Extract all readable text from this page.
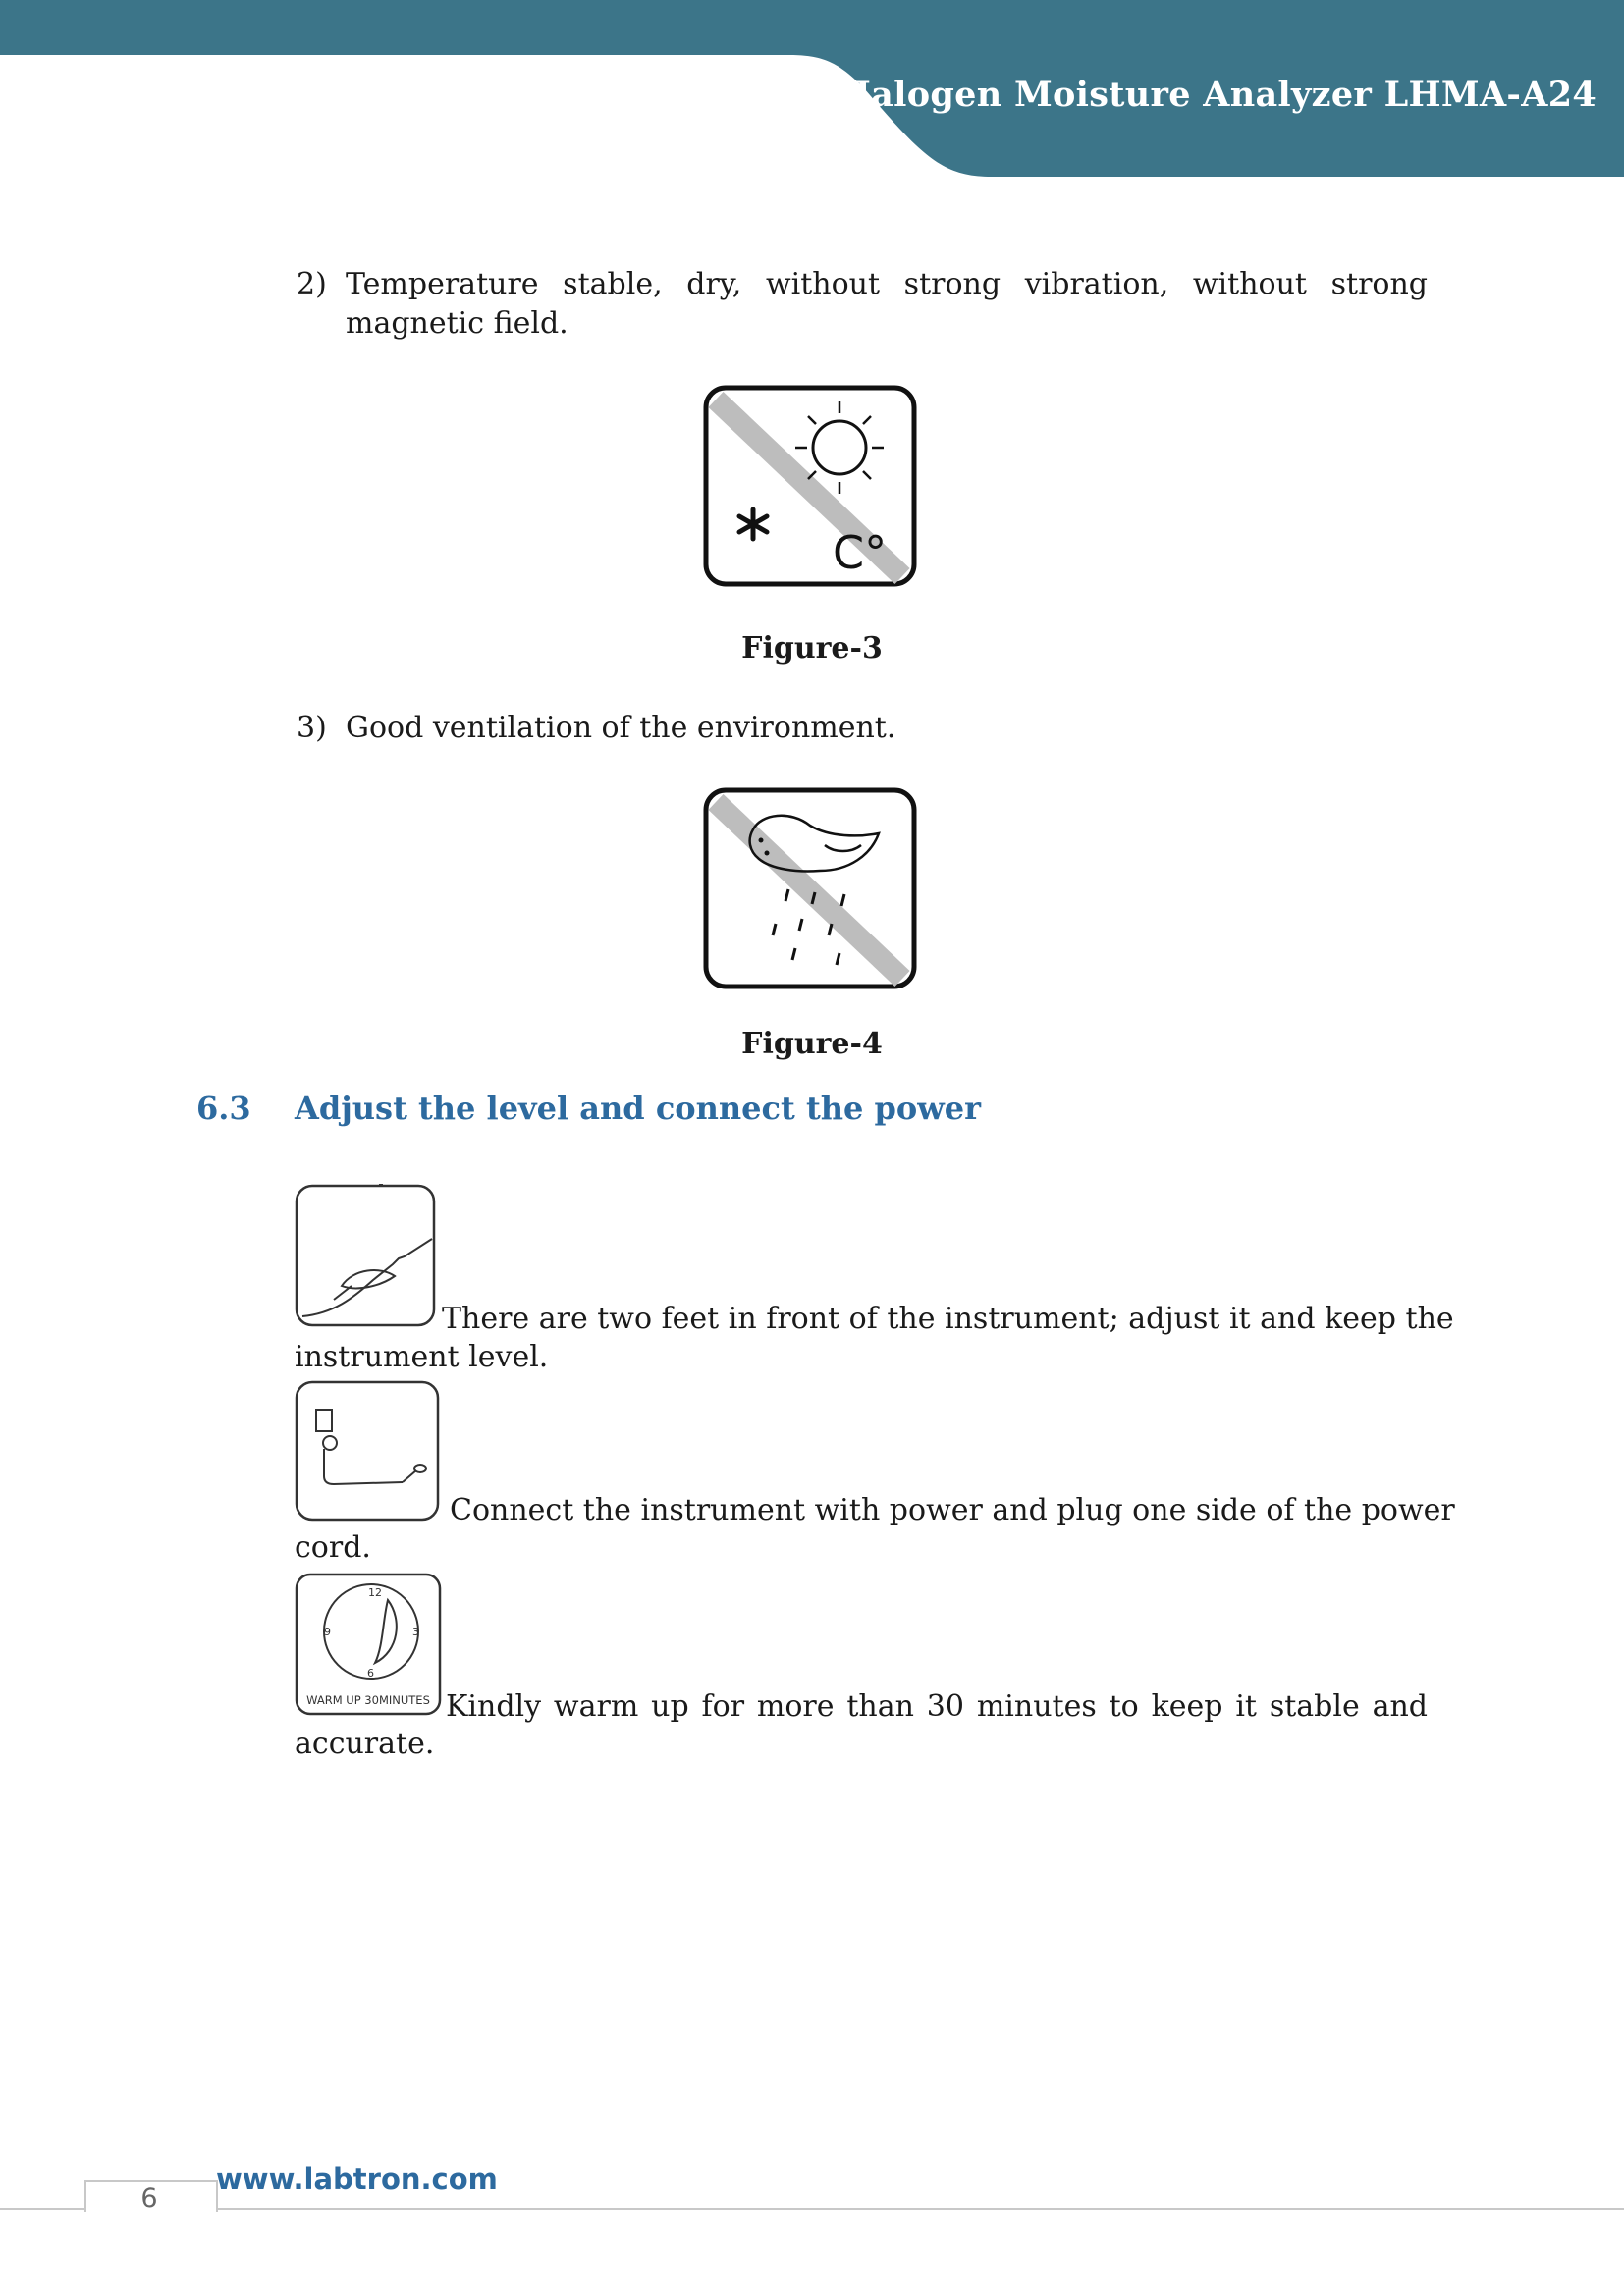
Halogen Moisture Analyzer LHMA-A24
2) Temperature stable, dry, without strong vibration, without strong magnetic field.
C°
Figure-3
3) Good ventilation of the environment.
Figure-4
6.3 Adjust the level and connect the power
There are two feet in front of the instrument; adjust it and keep the
instrument level.
Connect the instrument with power and plug one side of the power
cord.
12
3
6
9
WARM UP 30MINUTES Kindly warm up for more than 30 minutes to keep it stable and
accurate.
6
www.labtron.com
